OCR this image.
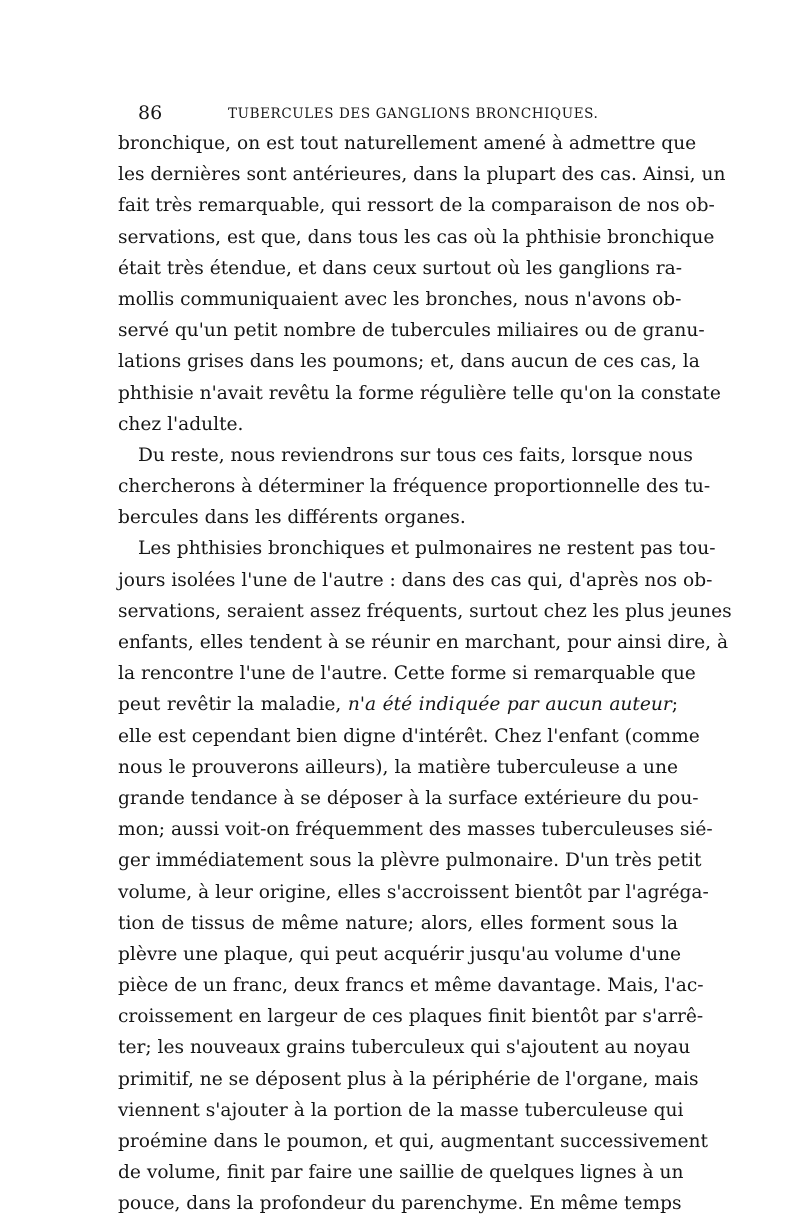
86	TUBERCULES DES GANGLIONS BRONCHIQUES.
bronchique, on est tout naturellement amené à admettre que
les dernières sont antérieures, dans la plupart des cas. Ainsi, un
fait très remarquable, qui ressort de la comparaison de nos ob-
servations, est que, dans tous les cas où la phthisie bronchique
était très étendue, et dans ceux surtout où les ganglions ra-
mollis communiquaient avec les bronches, nous n'avons ob-
servé qu'un petit nombre de tubercules miliaires ou de granu-
lations grises dans les poumons; et, dans aucun de ces cas, la
phthisie n'avait revêtu la forme régulière telle qu'on la constate
chez l'adulte.
Du reste, nous reviendrons sur tous ces faits, lorsque nous
chercherons à déterminer la fréquence proportionnelle des tu-
bercules dans les différents organes.
Les phthisies bronchiques et pulmonaires ne restent pas tou-
jours isolées l'une de l'autre : dans des cas qui, d'après nos ob-
servations, seraient assez fréquents, surtout chez les plus jeunes
enfants, elles tendent à se réunir en marchant, pour ainsi dire, à
la rencontre l'une de l'autre. Cette forme si remarquable que
peut revêtir la maladie, n'a été indiquée par aucun auteur;
elle est cependant bien digne d'intérêt. Chez l'enfant (comme
nous le prouverons ailleurs), la matière tuberculeuse a une
grande tendance à se déposer à la surface extérieure du pou-
mon; aussi voit-on fréquemment des masses tuberculeuses sié-
ger immédiatement sous la plèvre pulmonaire. D'un très petit
volume, à leur origine, elles s'accroissent bientôt par l'agréga-
tion de tissus de même nature; alors, elles forment sous la
plèvre une plaque, qui peut acquérir jusqu'au volume d'une
pièce de un franc, deux francs et même davantage. Mais, l'ac-
croissement en largeur de ces plaques finit bientôt par s'arrê-
ter; les nouveaux grains tuberculeux qui s'ajoutent au noyau
primitif, ne se déposent plus à la périphérie de l'organe, mais
viennent s'ajouter à la portion de la masse tuberculeuse qui
proémine dans le poumon, et qui, augmentant successivement
de volume, finit par faire une saillie de quelques lignes à un
pouce, dans la profondeur du parenchyme. En même temps
